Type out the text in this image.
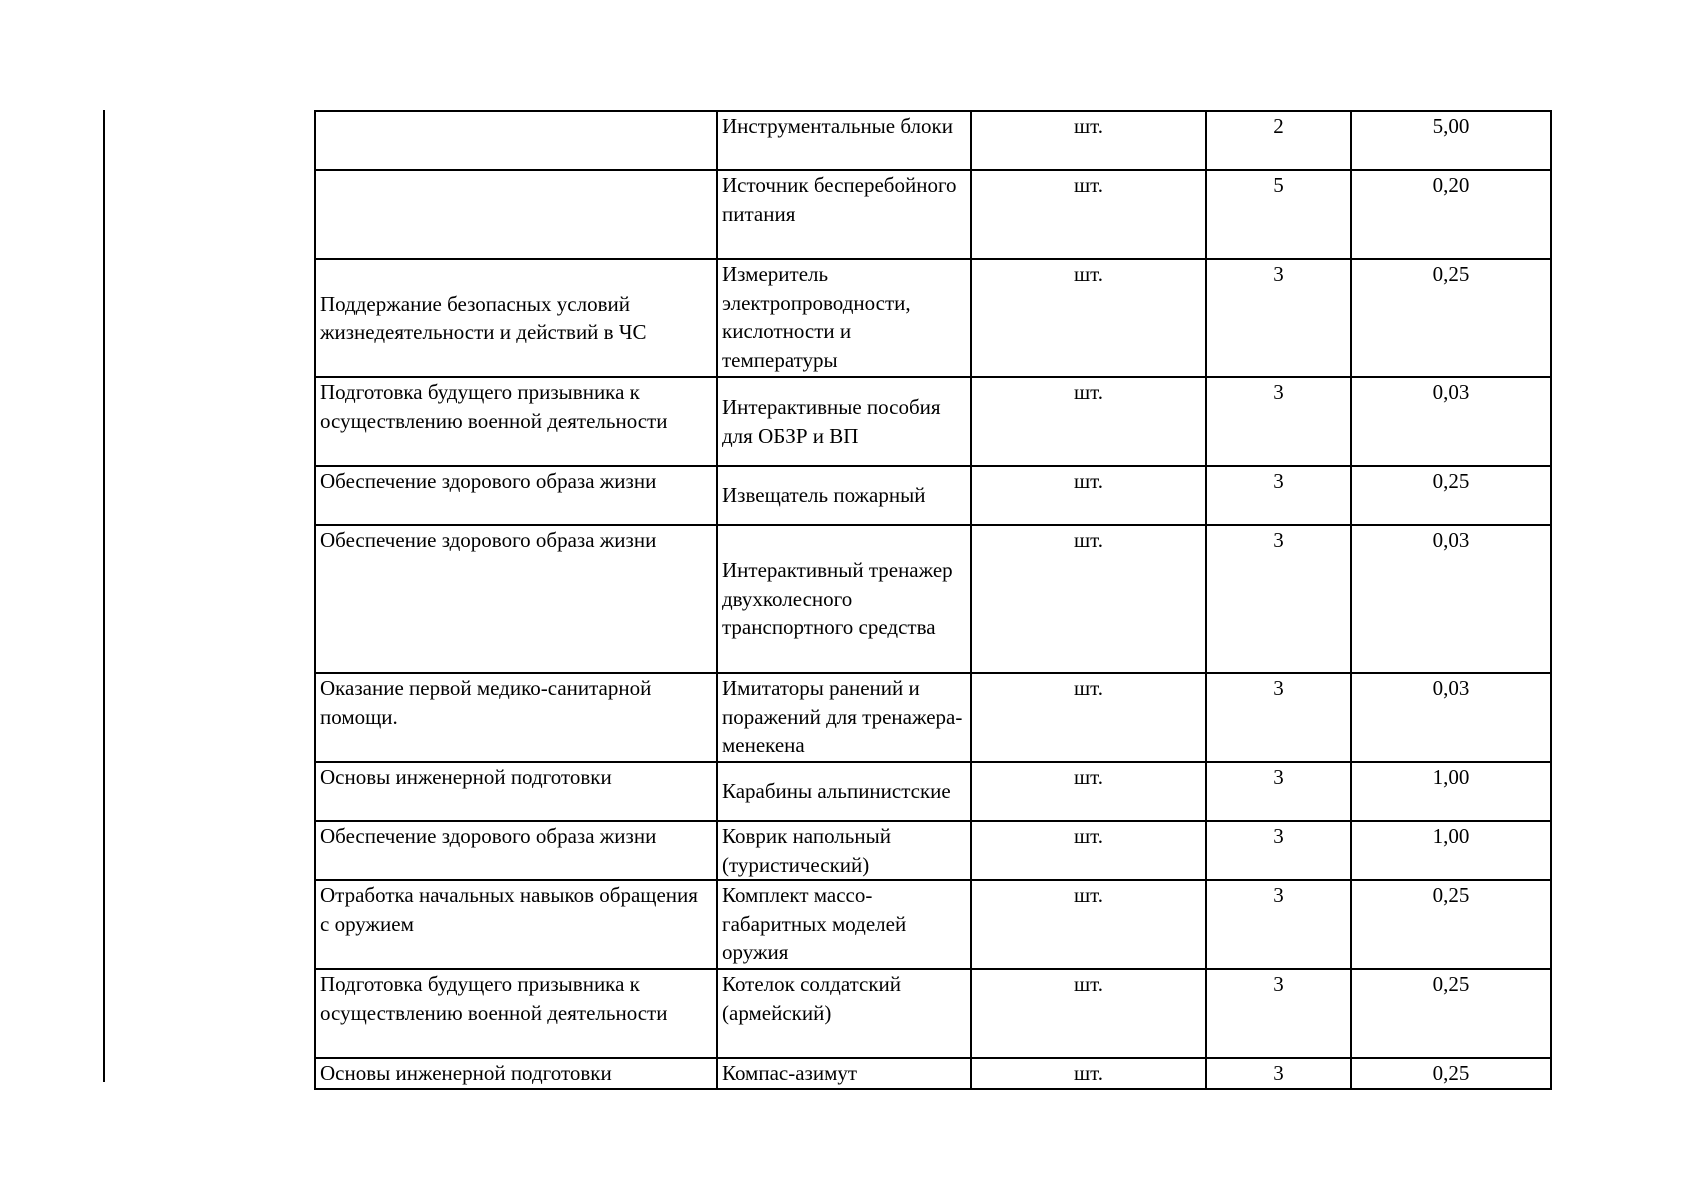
	Инструментальные блоки	шт.	2	5,00
	Источник бесперебойного питания	шт.	5	0,20
Поддержание безопасных условий жизнедеятельности и действий в ЧС	Измеритель электропроводности, кислотности и температуры	шт.	3	0,25
Подготовка будущего призывника к осуществлению военной деятельности	Интерактивные пособия для ОБЗР и ВП	шт.	3	0,03
Обеспечение здорового образа жизни	Извещатель пожарный	шт.	3	0,25
Обеспечение здорового образа жизни	Интерактивный тренажер двухколесного транспортного средства	шт.	3	0,03
Оказание первой медико-санитарной помощи.	Имитаторы ранений и поражений для тренажера-менекена	шт.	3	0,03
Основы инженерной подготовки	Карабины альпинистские	шт.	3	1,00
Обеспечение здорового образа жизни	Коврик напольный (туристический)	шт.	3	1,00
Отработка начальных навыков обращения с оружием	Комплект массо-габаритных моделей оружия	шт.	3	0,25
Подготовка будущего призывника к осуществлению военной деятельности	Котелок солдатский (армейский)	шт.	3	0,25
Основы инженерной подготовки	Компас-азимут	шт.	3	0,25
